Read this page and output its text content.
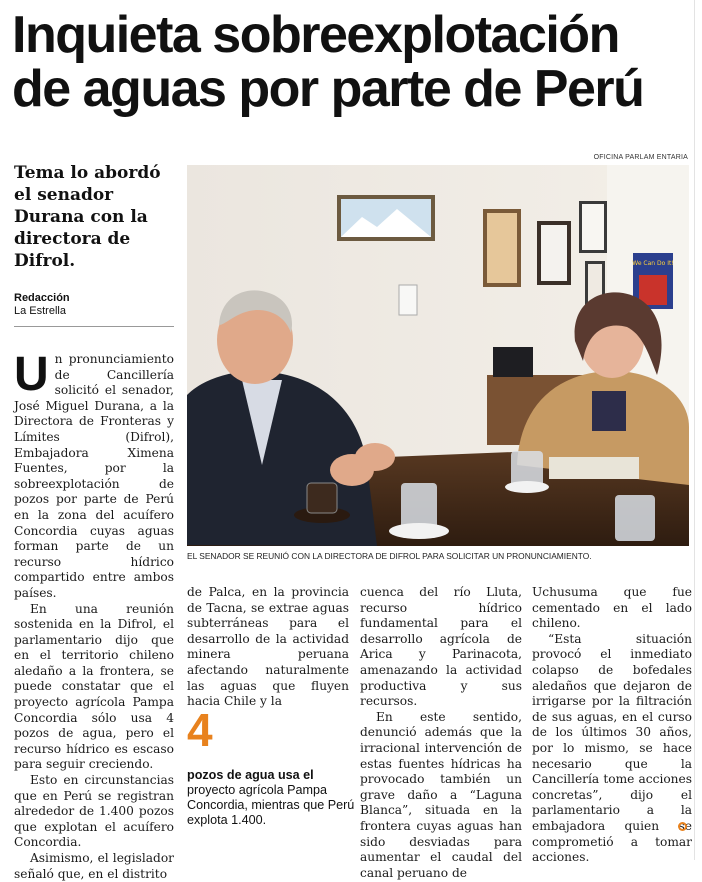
Inquieta sobreexplotación
de aguas por parte de Perú
OFICINA PARLAM ENTARIA
Tema lo abordó el senador Durana con la directora de Difrol.
Redacción
La Estrella
We Can Do It!
EL SENADOR SE REUNIÓ CON LA DIRECTORA DE DIFROL PARA SOLICITAR UN PRONUNCIAMIENTO.

Un pronunciamiento de Cancillería solicitó el senador, José Miguel Durana, a la Directora de Fronteras y Límites (Difrol), Embajadora Ximena Fuentes, por la sobreexplotación de pozos por parte de Perú en la zona del acuífero Concordia cuyas aguas forman parte de un recurso hídrico compartido entre ambos países.

En una reunión sostenida en la Difrol, el parlamentario dijo que en el territorio chileno aledaño a la frontera, se puede constatar que el proyecto agrícola Pampa Concordia sólo usa 4 pozos de agua, pero el recurso hídrico es escaso para seguir creciendo.

Esto en circunstancias que en Perú se registran alrededor de 1.400 pozos que explotan el acuífero Concordia.

Asimismo, el legislador señaló que, en el distrito

de Palca, en la provincia de Tacna, se extrae aguas subterráneas para el desarrollo de la actividad minera peruana afectando naturalmente las aguas que fluyen hacia Chile y la

4
pozos de agua usa el proyecto agrícola Pampa Concordia, mientras que Perú explota 1.400.

cuenca del río Lluta, recurso hídrico fundamental para el desarrollo agrícola de Arica y Parinacota, amenazando la actividad productiva y sus recursos.

En este sentido, denunció además que la irracional intervención de estas fuentes hídricas ha provocado también un grave daño a “Laguna Blanca”, situada en la frontera cuyas aguas han sido desviadas para aumentar el caudal del canal peruano de

Uchusuma que fue cementado en el lado chileno.

“Esta situación provocó el inmediato colapso de bofedales aledaños que dejaron de irrigarse por la filtración de sus aguas, en el curso de los últimos 30 años, por lo mismo, se hace necesario que la Cancillería tome acciones concretas”, dijo el parlamentario a la embajadora quien se comprometió a tomar acciones.
